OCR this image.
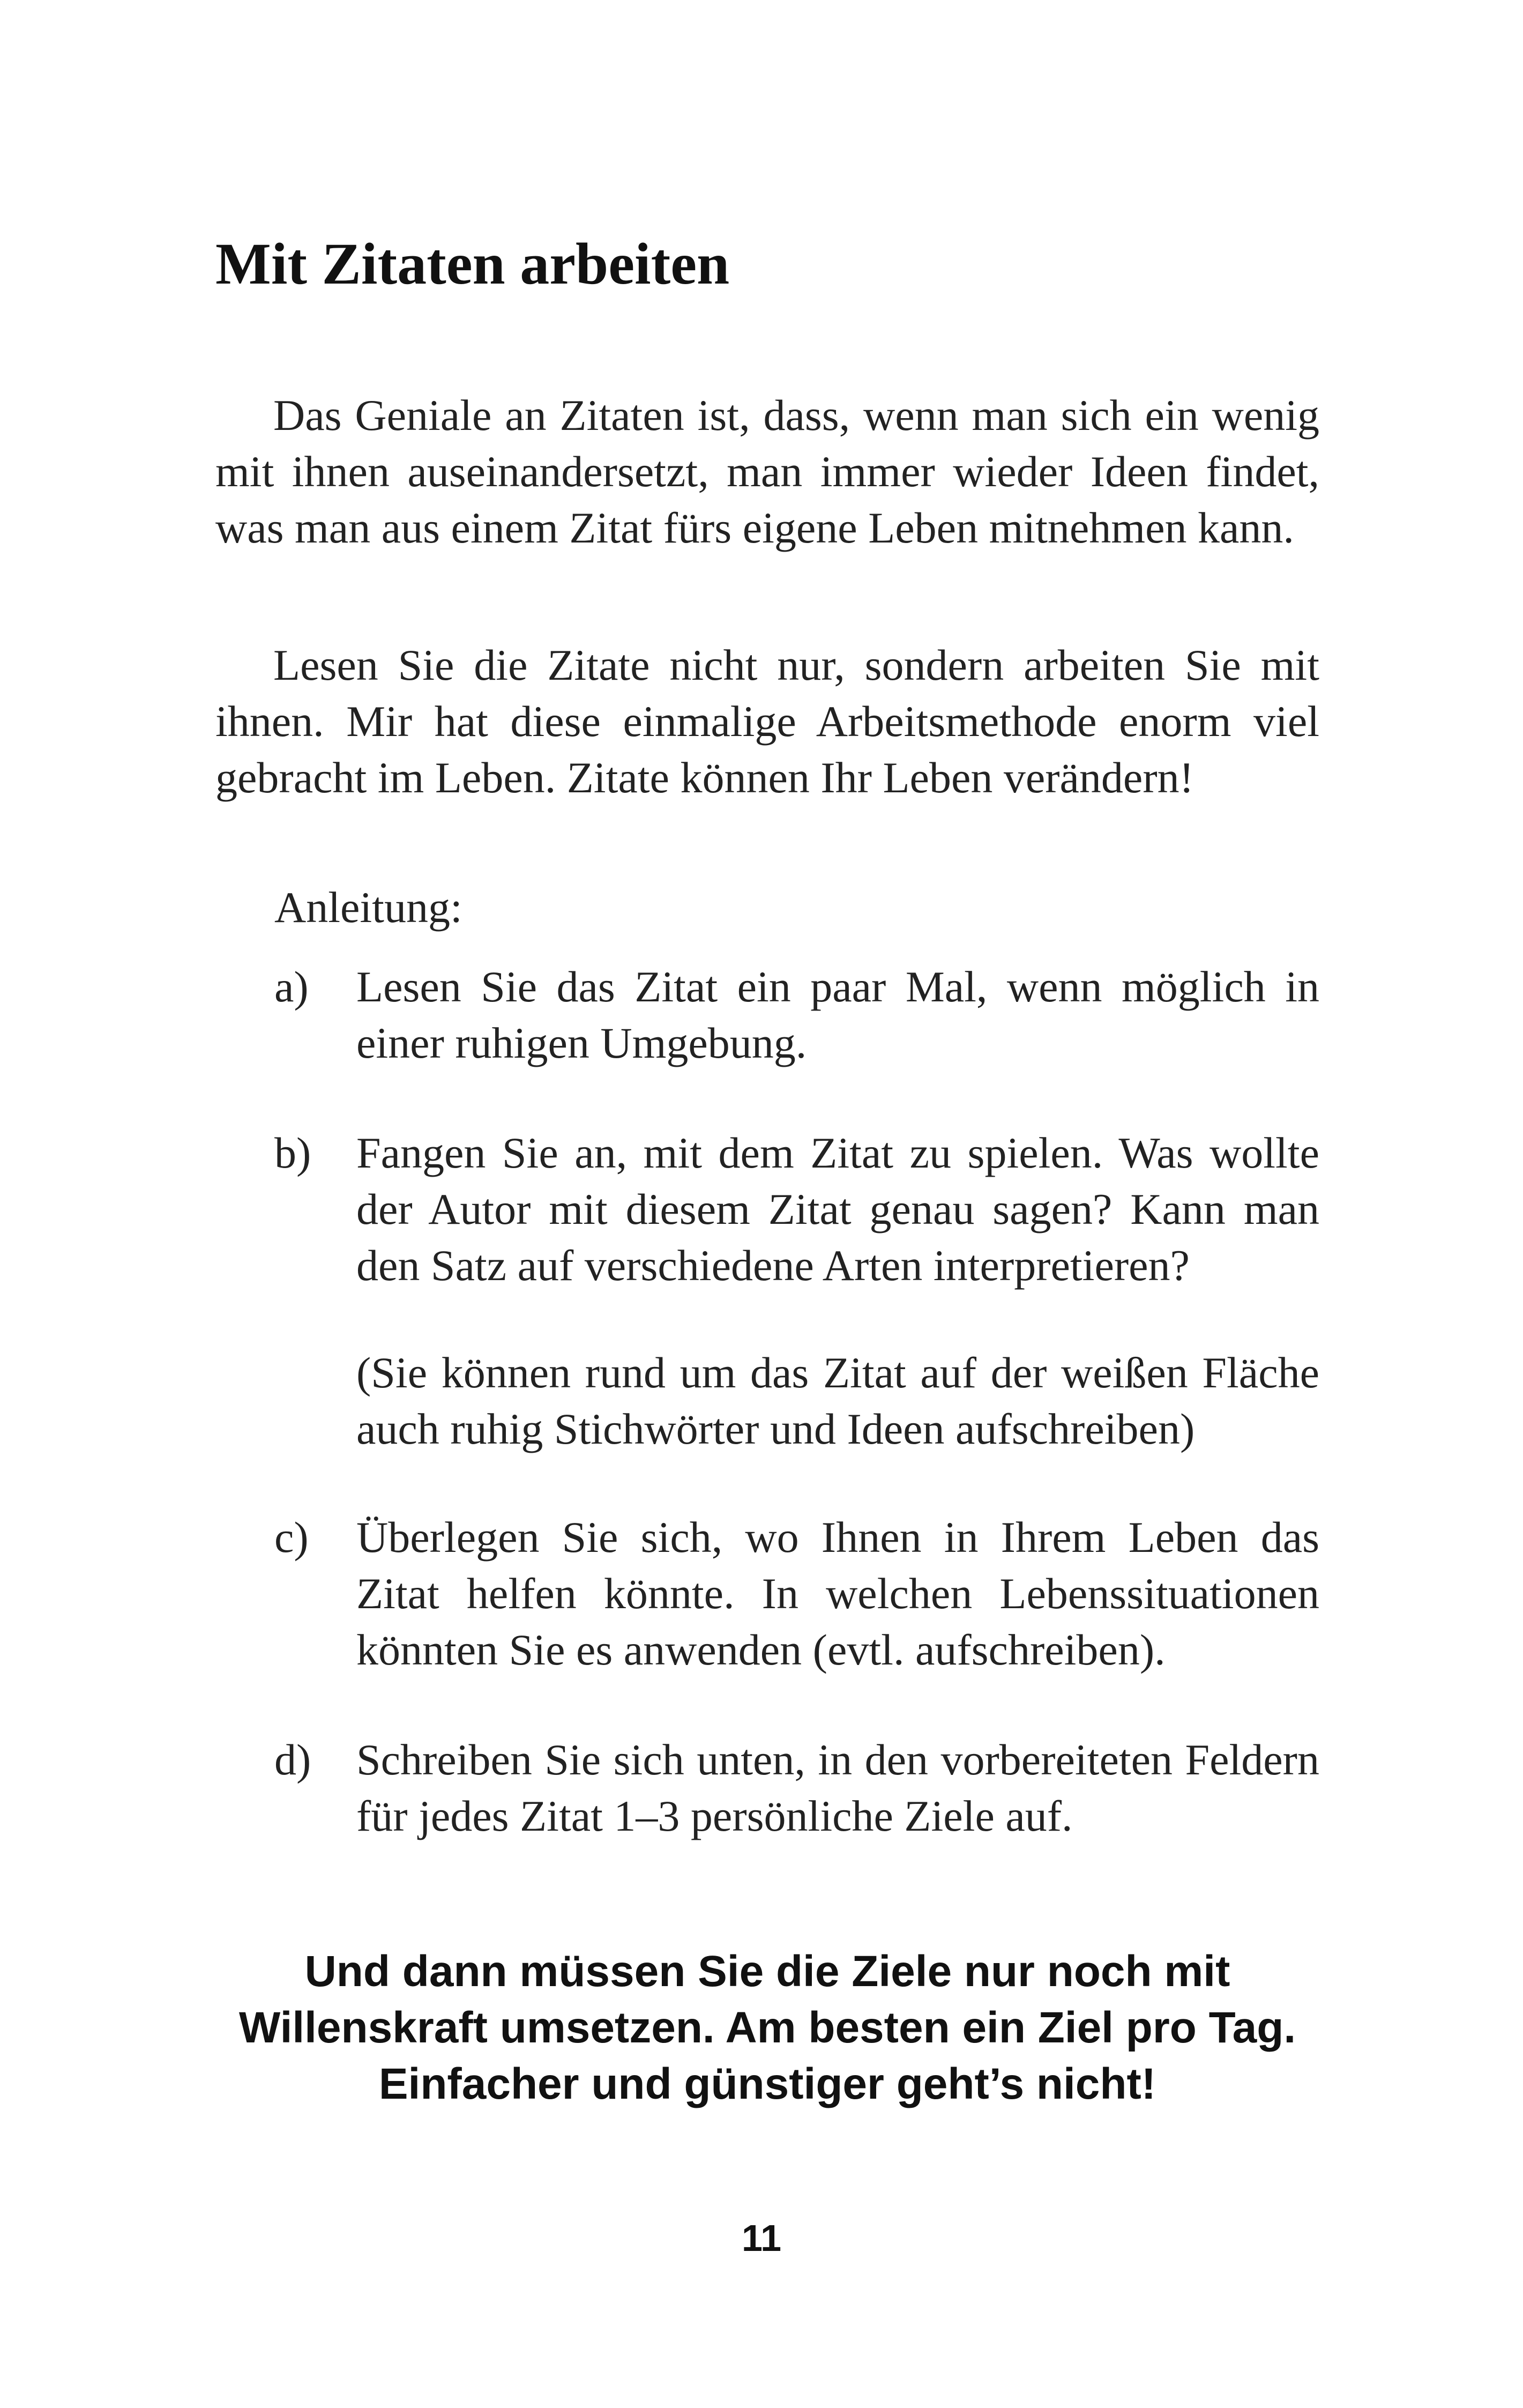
Mit Zitaten arbeiten

Das Geniale an Zitaten ist, dass, wenn man sich ein wenig mit ihnen auseinandersetzt, man immer wieder Ideen findet, was man aus einem Zitat fürs eigene Leben mitnehmen kann.

Lesen Sie die Zitate nicht nur, sondern arbeiten Sie mit ihnen. Mir hat diese einmalige Arbeitsmethode enorm viel gebracht im Leben. Zitate können Ihr Leben verändern!

Anleitung:

a)	Lesen Sie das Zitat ein paar Mal, wenn möglich in einer ruhigen Umgebung.

b)	Fangen Sie an, mit dem Zitat zu spielen. Was wollte der Autor mit diesem Zitat genau sagen? Kann man den Satz auf verschiedene Arten interpretieren?

(Sie können rund um das Zitat auf der weißen Fläche auch ruhig Stichwörter und Ideen aufschreiben)

c)	Überlegen Sie sich, wo Ihnen in Ihrem Leben das Zitat helfen könnte. In welchen Lebenssituationen könnten Sie es anwenden (evtl. aufschreiben).

d)	Schreiben Sie sich unten, in den vorbereiteten Feldern für jedes Zitat 1–3 persönliche Ziele auf.

Und dann müssen Sie die Ziele nur noch mit Willenskraft umsetzen. Am besten ein Ziel pro Tag. Einfacher und günstiger geht’s nicht!

11
